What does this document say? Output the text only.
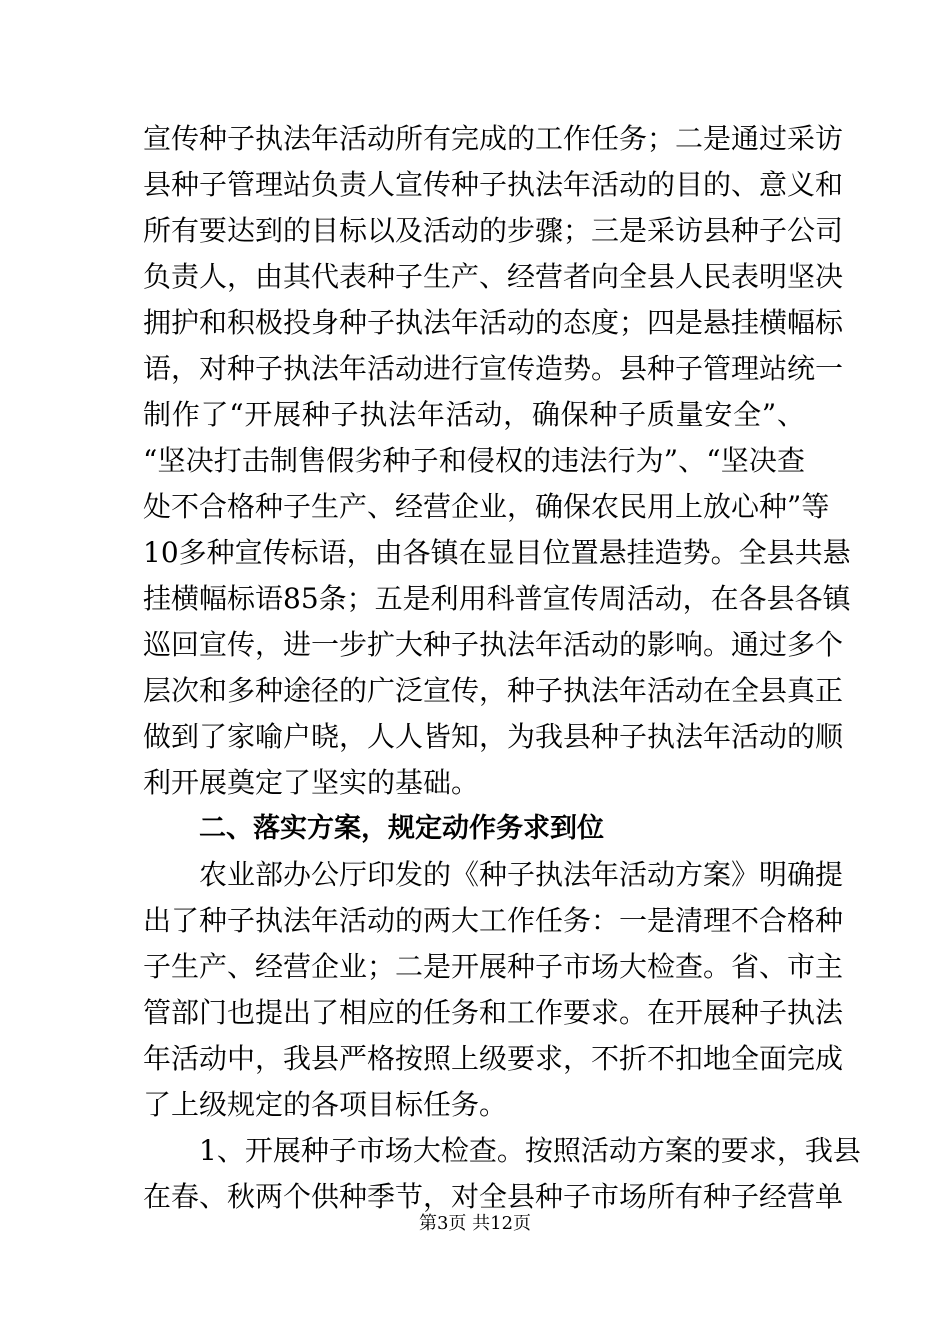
宣传种子执法年活动所有完成的工作任务；二是通过采访
县种子管理站负责人宣传种子执法年活动的目的、意义和
所有要达到的目标以及活动的步骤；三是采访县种子公司
负责人，由其代表种子生产、经营者向全县人民表明坚决
拥护和积极投身种子执法年活动的态度；四是悬挂横幅标
语，对种子执法年活动进行宣传造势。县种子管理站统一
制作了“开展种子执法年活动，确保种子质量安全”、
“坚决打击制售假劣种子和侵权的违法行为”、“坚决查
处不合格种子生产、经营企业，确保农民用上放心种”等
10多种宣传标语，由各镇在显目位置悬挂造势。全县共悬
挂横幅标语85条；五是利用科普宣传周活动，在各县各镇
巡回宣传，进一步扩大种子执法年活动的影响。通过多个
层次和多种途径的广泛宣传，种子执法年活动在全县真正
做到了家喻户晓，人人皆知，为我县种子执法年活动的顺
利开展奠定了坚实的基础。
二、落实方案，规定动作务求到位
农业部办公厅印发的《种子执法年活动方案》明确提
出了种子执法年活动的两大工作任务：一是清理不合格种
子生产、经营企业；二是开展种子市场大检查。省、市主
管部门也提出了相应的任务和工作要求。在开展种子执法
年活动中，我县严格按照上级要求，不折不扣地全面完成
了上级规定的各项目标任务。
1、开展种子市场大检查。按照活动方案的要求，我县
在春、秋两个供种季节，对全县种子市场所有种子经营单
第3页 共12页
